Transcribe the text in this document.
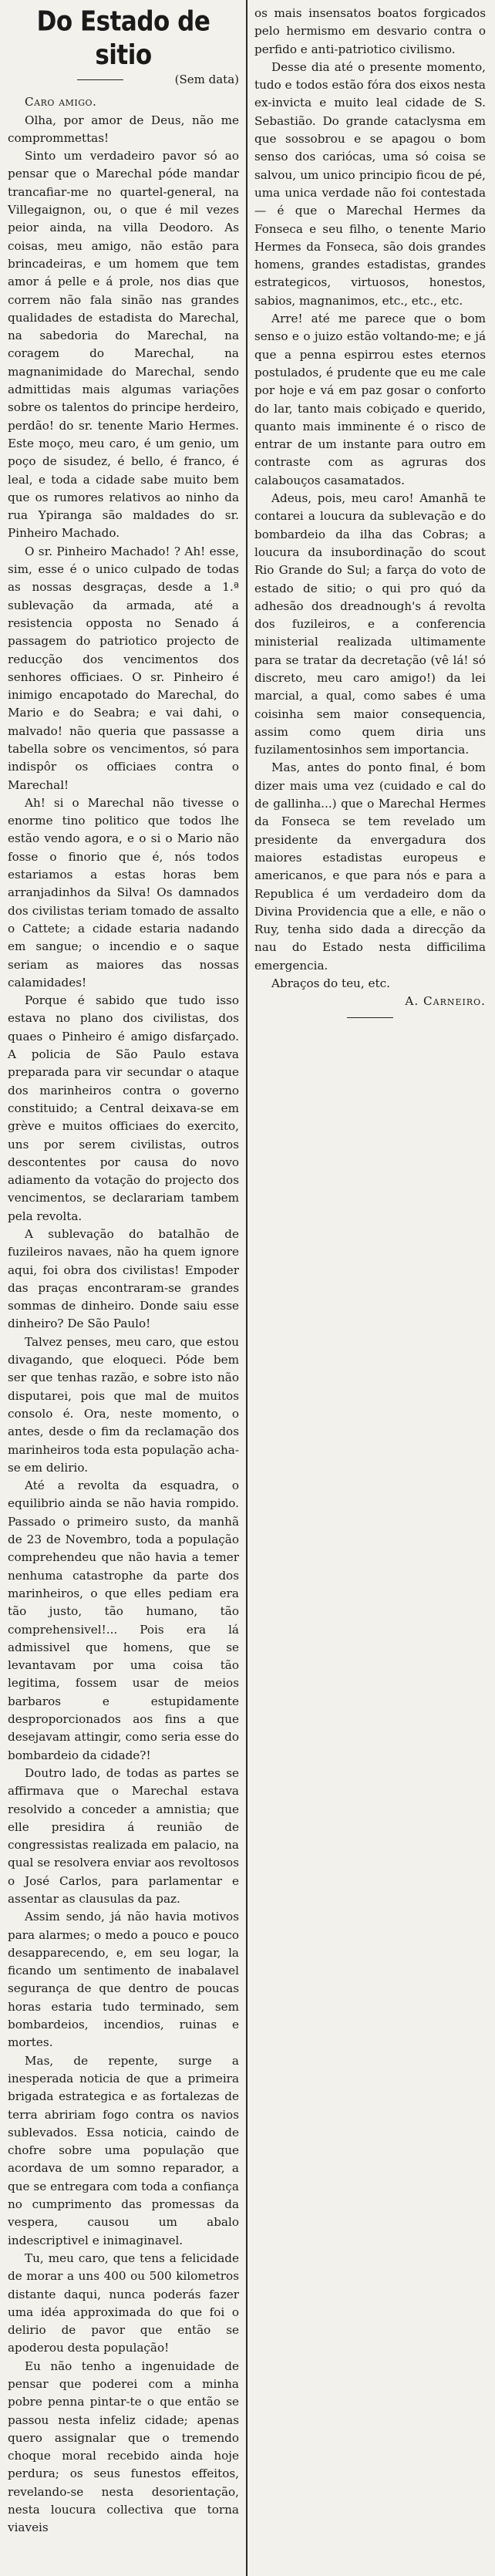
Do Estado de sitio
(Sem data)

Caro amigo.

Olha, por amor de Deus, não me comprommettas!

Sinto um verdadeiro pavor só ao pensar que o Marechal póde mandar trancafiar-me no quartel-general, na Villegaignon, ou, o que é mil vezes peior ainda, na villa Deodoro. As coisas, meu amigo, não estão para brincadeiras, e um homem que tem amor á pelle e á prole, nos dias que correm não fala sinão nas grandes qualidades de estadista do Marechal, na sabedoria do Marechal, na coragem do Marechal, na magnanimidade do Marechal, sendo admittidas mais algumas variações sobre os talentos do principe herdeiro, perdão! do sr. tenente Mario Hermes. Este moço, meu caro, é um genio, um poço de sisudez, é bello, é franco, é leal, e toda a cidade sabe muito bem que os rumores relativos ao ninho da rua Ypiranga são maldades do sr. Pinheiro Machado.

O sr. Pinheiro Machado! ? Ah! esse, sim, esse é o unico culpado de todas as nossas desgraças, desde a 1.ª sublevação da armada, até a resistencia opposta no Senado á passagem do patriotico projecto de reducção dos vencimentos dos senhores officiaes. O sr. Pinheiro é inimigo encapotado do Marechal, do Mario e do Seabra; e vai dahi, o malvado! não queria que passasse a tabella sobre os vencimentos, só para indispôr os officiaes contra o Marechal!

Ah! si o Marechal não tivesse o enorme tino politico que todos lhe estão vendo agora, e o si o Mario não fosse o finorio que é, nós todos estariamos a estas horas bem arranjadinhos da Silva! Os damnados dos civilistas teriam tomado de assalto o Cattete; a cidade estaria nadando em sangue; o incendio e o saque seriam as maiores das nossas calamidades!

Porque é sabido que tudo isso estava no plano dos civilistas, dos quaes o Pinheiro é amigo disfarçado. A policia de São Paulo estava preparada para vir secundar o ataque dos marinheiros contra o governo constituido; a Central deixava-se em grève e muitos officiaes do exercito, uns por serem civilistas, outros descontentes por causa do novo adiamento da votação do projecto dos vencimentos, se declarariam tambem pela revolta.

A sublevação do batalhão de fuzileiros navaes, não ha quem ignore aqui, foi obra dos civilistas! Empoder das praças encontraram-se grandes sommas de dinheiro. Donde saiu esse dinheiro? De São Paulo!

Talvez penses, meu caro, que estou divagando, que eloqueci. Póde bem ser que tenhas razão, e sobre isto não disputarei, pois que mal de muitos consolo é. Ora, neste momento, o antes, desde o fim da reclamação dos marinheiros toda esta população acha-se em delirio.

Até a revolta da esquadra, o equilibrio ainda se não havia rompido. Passado o primeiro susto, da manhã de 23 de Novembro, toda a população comprehendeu que não havia a temer nenhuma catastrophe da parte dos marinheiros, o que elles pediam era tão justo, tão humano, tão comprehensivel!... Pois era lá admissivel que homens, que se levantavam por uma coisa tão legitima, fossem usar de meios barbaros e estupidamente desproporcionados aos fins a que desejavam attingir, como seria esse do bombardeio da cidade?!

Doutro lado, de todas as partes se affirmava que o Marechal estava resolvido a conceder a amnistia; que elle presidira á reunião de congressistas realizada em palacio, na qual se resolvera enviar aos revoltosos o José Carlos, para parlamentar e assentar as clausulas da paz.

Assim sendo, já não havia motivos para alarmes; o medo a pouco e pouco desapparecendo, e, em seu logar, la ficando um sentimento de inabalavel segurança de que dentro de poucas horas estaria tudo terminado, sem bombardeios, incendios, ruinas e mortes.

Mas, de repente, surge a inesperada noticia de que a primeira brigada estrategica e as fortalezas de terra abririam fogo contra os navios sublevados. Essa noticia, caindo de chofre sobre uma população que acordava de um somno reparador, a que se entregara com toda a confiança no cumprimento das promessas da vespera, causou um abalo indescriptivel e inimaginavel.

Tu, meu caro, que tens a felicidade de morar a uns 400 ou 500 kilometros distante daqui, nunca poderás fazer uma idéa approximada do que foi o delirio de pavor que então se apoderou desta população!

Eu não tenho a ingenuidade de pensar que poderei com a minha pobre penna pintar-te o que então se passou nesta infeliz cidade; apenas quero assignalar que o tremendo choque moral recebido ainda hoje perdura; os seus funestos effeitos, revelando-se nesta desorientação, nesta loucura collectiva que torna viaveis

os mais insensatos boatos forgicados pelo hermismo em desvario contra o perfido e anti-patriotico civilismo.

Desse dia até o presente momento, tudo e todos estão fóra dos eixos nesta ex-invicta e muito leal cidade de S. Sebastião. Do grande cataclysma em que sossobrou e se apagou o bom senso dos cariócas, uma só coisa se salvou, um unico principio ficou de pé, uma unica verdade não foi contestada — é que o Marechal Hermes da Fonseca e seu filho, o tenente Mario Hermes da Fonseca, são dois grandes homens, grandes estadistas, grandes estrategicos, virtuosos, honestos, sabios, magnanimos, etc., etc., etc.

Arre! até me parece que o bom senso e o juizo estão voltando-me; e já que a penna espirrou estes eternos postulados, é prudente que eu me cale por hoje e vá em paz gosar o conforto do lar, tanto mais cobiçado e querido, quanto mais imminente é o risco de entrar de um instante para outro em contraste com as agruras dos calabouços casamatados.

Adeus, pois, meu caro! Amanhã te contarei a loucura da sublevação e do bombardeio da ilha das Cobras; a loucura da insubordinação do scout Rio Grande do Sul; a farça do voto de estado de sitio; o qui pro quó da adhesão dos dreadnough's á revolta dos fuzileiros, e a conferencia ministerial realizada ultimamente para se tratar da decretação (vê lá! só discreto, meu caro amigo!) da lei marcial, a qual, como sabes é uma coisinha sem maior consequencia, assim como quem diria uns fuzilamentosinhos sem importancia.

Mas, antes do ponto final, é bom dizer mais uma vez (cuidado e cal do de gallinha...) que o Marechal Hermes da Fonseca se tem revelado um presidente da envergadura dos maiores estadistas europeus e americanos, e que para nós e para a Republica é um verdadeiro dom da Divina Providencia que a elle, e não o Ruy, tenha sido dada a direcção da nau do Estado nesta difficilima emergencia.

Abraços do teu, etc.

A. Carneiro.
